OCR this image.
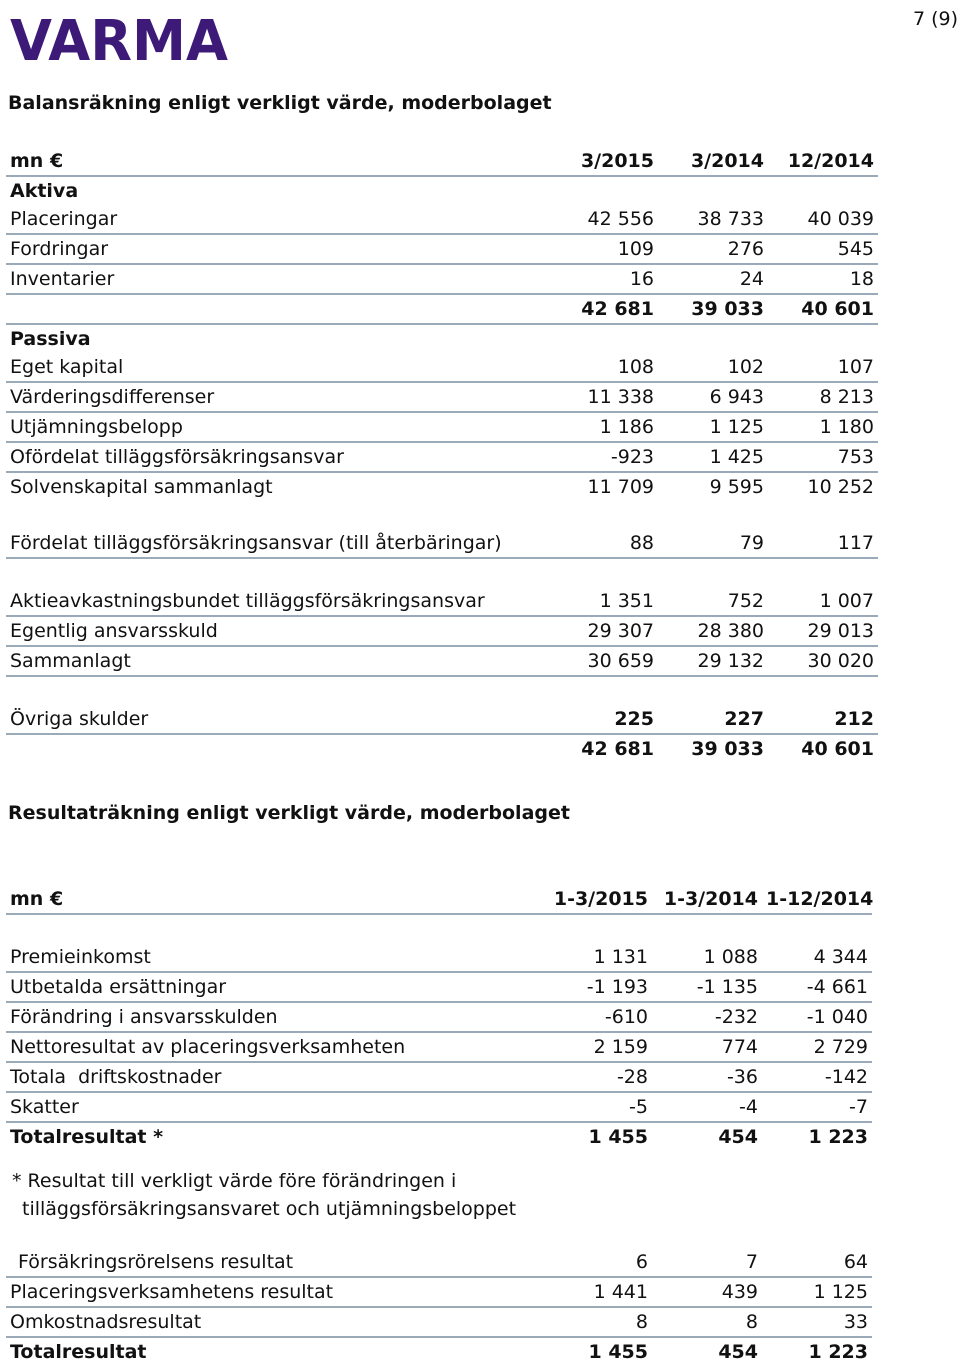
VARMA	7 (9)
Balansräkning enligt verkligt värde, moderbolaget
mn €	3/2015	3/2014	12/2014
Aktiva			
Placeringar	42 556	38 733	40 039
Fordringar	109	276	545
Inventarier	16	24	18
	42 681	39 033	40 601
Passiva			
Eget kapital	108	102	107
Värderingsdifferenser	11 338	6 943	8 213
Utjämningsbelopp	1 186	1 125	1 180
Ofördelat tilläggsförsäkringsansvar	-923	1 425	753
Solvenskapital sammanlagt	11 709	9 595	10 252

Fördelat tilläggsförsäkringsansvar (till återbäringar)	88	79	117

Aktieavkastningsbundet tilläggsförsäkringsansvar	1 351	752	1 007
Egentlig ansvarsskuld	29 307	28 380	29 013
Sammanlagt	30 659	29 132	30 020

Övriga skulder	225	227	212
	42 681	39 033	40 601
Resultaträkning enligt verkligt värde, moderbolaget
mn €	1-3/2015	1-3/2014	1-12/2014

Premieinkomst	1 131	1 088	4 344
Utbetalda ersättningar	-1 193	-1 135	-4 661
Förändring i ansvarsskulden	-610	-232	-1 040
Nettoresultat av placeringsverksamheten	2 159	774	2 729
Totala  driftskostnader	-28	-36	-142
Skatter	-5	-4	-7
Totalresultat *	1 455	454	1 223
* Resultat till verkligt värde före förändringen i
tilläggsförsäkringsansvaret och utjämningsbeloppet
Försäkringsrörelsens resultat	6	7	64
Placeringsverksamhetens resultat	1 441	439	1 125
Omkostnadsresultat	8	8	33
Totalresultat	1 455	454	1 223
